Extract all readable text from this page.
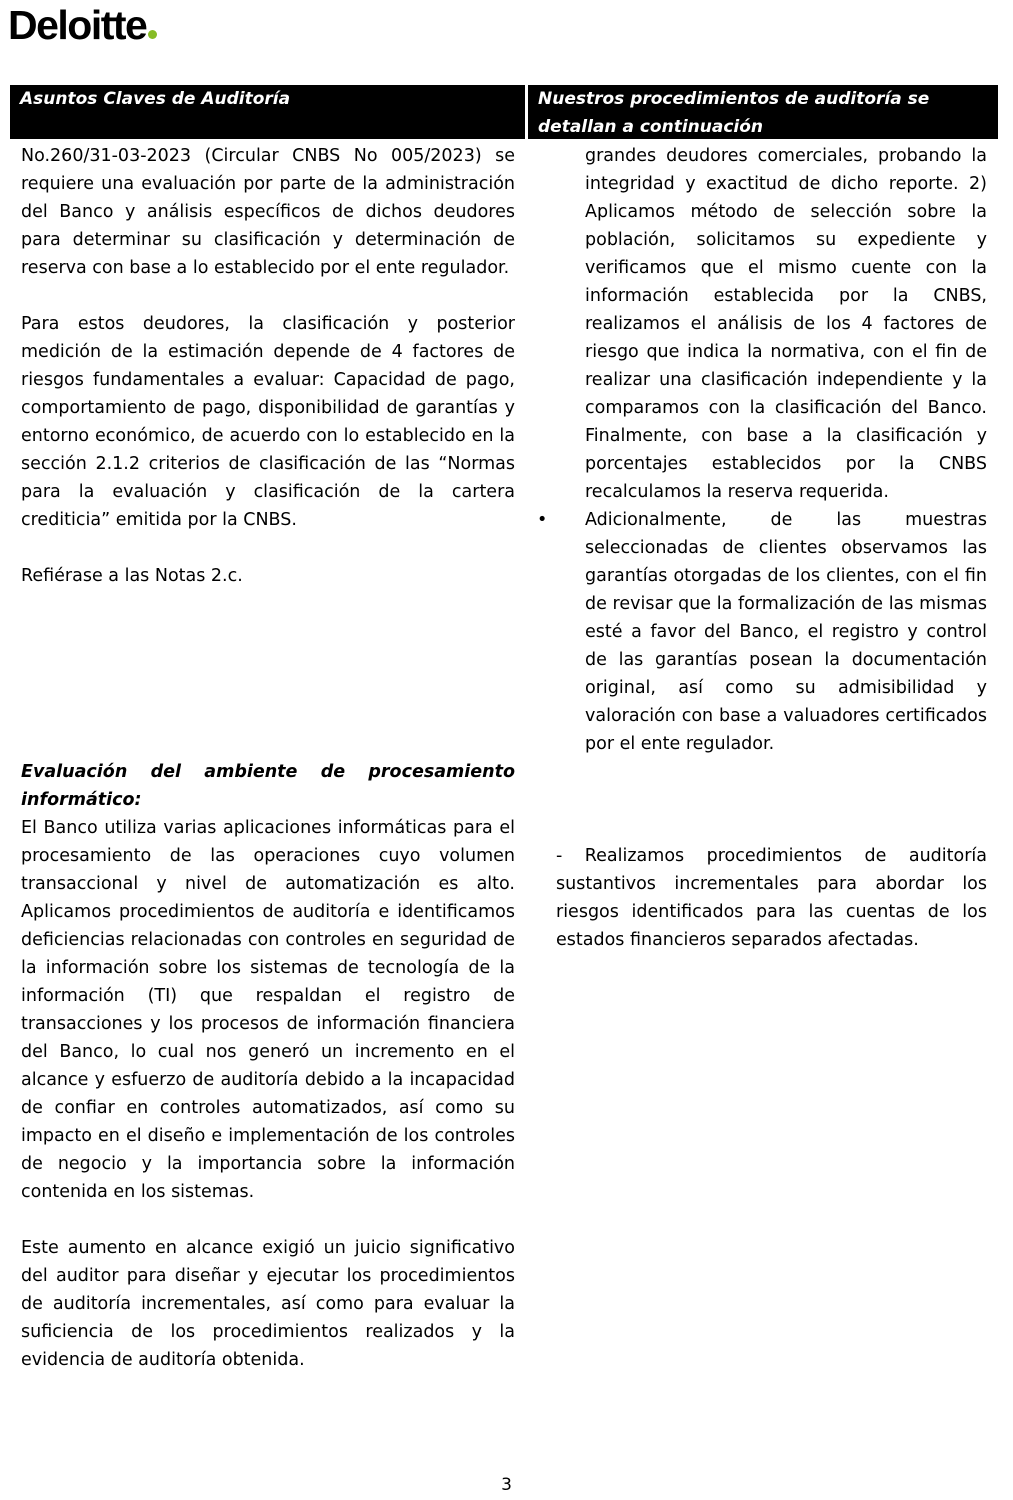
Deloitte
Asuntos Claves de Auditoría	Nuestros procedimientos de auditoría se detallan a continuación

No.260/31-03-2023 (Circular CNBS No 005/2023) se requiere una evaluación por parte de la administración del Banco y análisis específicos de dichos deudores para determinar su clasificación y determinación de reserva con base a lo establecido por el ente regulador.

Para estos deudores, la clasificación y posterior medición de la estimación depende de 4 factores de riesgos fundamentales a evaluar: Capacidad de pago, comportamiento de pago, disponibilidad de garantías y entorno económico, de acuerdo con lo establecido en la sección 2.1.2 criterios de clasificación de las “Normas para la evaluación y clasificación de la cartera crediticia” emitida por la CNBS.

Refiérase a las Notas 2.c.

Evaluación del ambiente de procesamiento informático:

El Banco utiliza varias aplicaciones informáticas para el procesamiento de las operaciones cuyo volumen transaccional y nivel de automatización es alto. Aplicamos procedimientos de auditoría e identificamos deficiencias relacionadas con controles en seguridad de la información sobre los sistemas de tecnología de la información (TI) que respaldan el registro de transacciones y los procesos de información financiera del Banco, lo cual nos generó un incremento en el alcance y esfuerzo de auditoría debido a la incapacidad de confiar en controles automatizados, así como su impacto en el diseño e implementación de los controles de negocio y la importancia sobre la información contenida en los sistemas.

Este aumento en alcance exigió un juicio significativo del auditor para diseñar y ejecutar los procedimientos de auditoría incrementales, así como para evaluar la suficiencia de los procedimientos realizados y la evidencia de auditoría obtenida.

grandes deudores comerciales, probando la integridad y exactitud de dicho reporte. 2) Aplicamos método de selección sobre la población, solicitamos su expediente y verificamos que el mismo cuente con la información establecida por la CNBS, realizamos el análisis de los 4 factores de riesgo que indica la normativa, con el fin de realizar una clasificación independiente y la comparamos con la clasificación del Banco. Finalmente, con base a la clasificación y porcentajes establecidos por la CNBS recalculamos la reserva requerida.

• Adicionalmente, de las muestras seleccionadas de clientes observamos las garantías otorgadas de los clientes, con el fin de revisar que la formalización de las mismas esté a favor del Banco, el registro y control de las garantías posean la documentación original, así como su admisibilidad y valoración con base a valuadores certificados por el ente regulador.

- Realizamos procedimientos de auditoría sustantivos incrementales para abordar los riesgos identificados para las cuentas de los estados financieros separados afectadas.

3
